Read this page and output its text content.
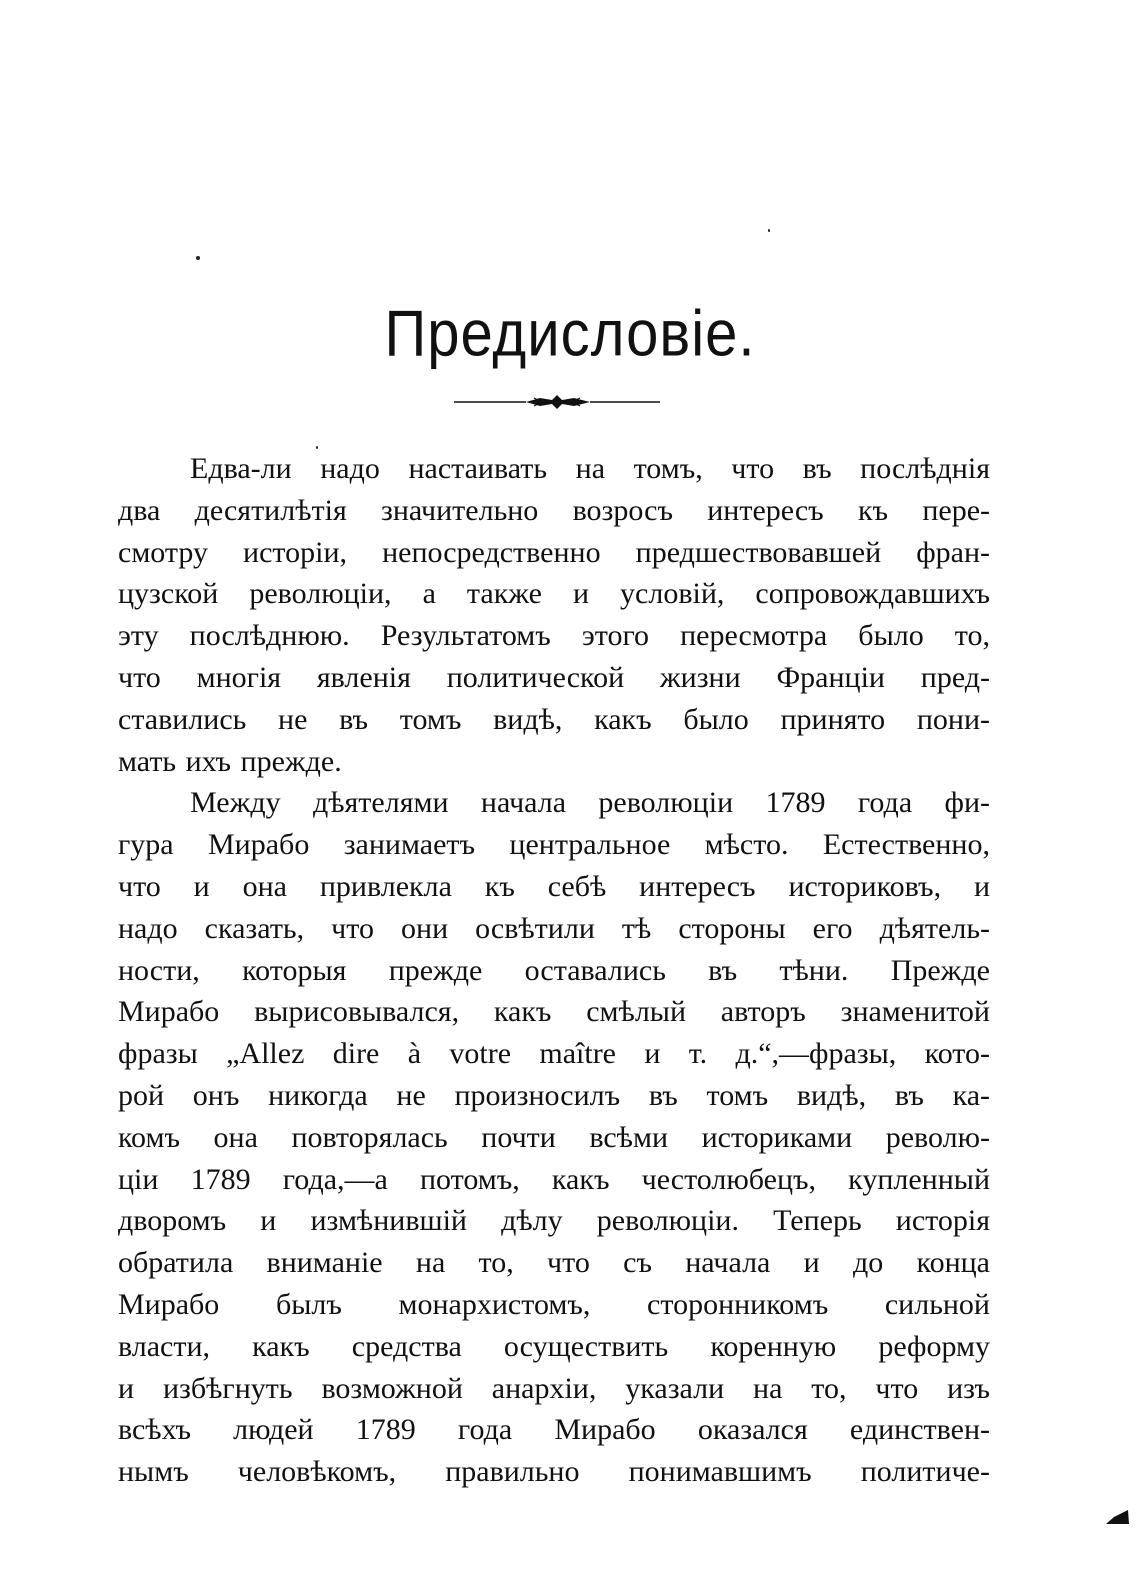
Предисловіе.

Едва-ли надо настаивать на томъ, что въ послѣднія
два десятилѣтія значительно возросъ интересъ къ пере-
смотру исторіи, непосредственно предшествовавшей фран-
цузской революціи, а также и условій, сопровождавшихъ
эту послѣднюю. Результатомъ этого пересмотра было то,
что многія явленія политической жизни Франціи пред-
ставились не въ томъ видѣ, какъ было принято пони-
мать ихъ прежде.

Между дѣятелями начала революціи 1789 года фи-
гура Мирабо занимаетъ центральное мѣсто. Естественно,
что и она привлекла къ себѣ интересъ историковъ, и
надо сказать, что они освѣтили тѣ стороны его дѣятель-
ности, которыя прежде оставались въ тѣни. Прежде
Мирабо вырисовывался, какъ смѣлый авторъ знаменитой
фразы „Allez dire à votre maître и т. д.“,—фразы, кото-
рой онъ никогда не произносилъ въ томъ видѣ, въ ка-
комъ она повторялась почти всѣми историками револю-
ціи 1789 года,—а потомъ, какъ честолюбецъ, купленный
дворомъ и измѣнившій дѣлу революціи. Теперь исторія
обратила вниманіе на то, что съ начала и до конца
Мирабо былъ монархистомъ, сторонникомъ сильной
власти, какъ средства осуществить коренную реформу
и избѣгнуть возможной анархіи, указали на то, что изъ
всѣхъ людей 1789 года Мирабо оказался единствен-
нымъ человѣкомъ, правильно понимавшимъ политиче-
